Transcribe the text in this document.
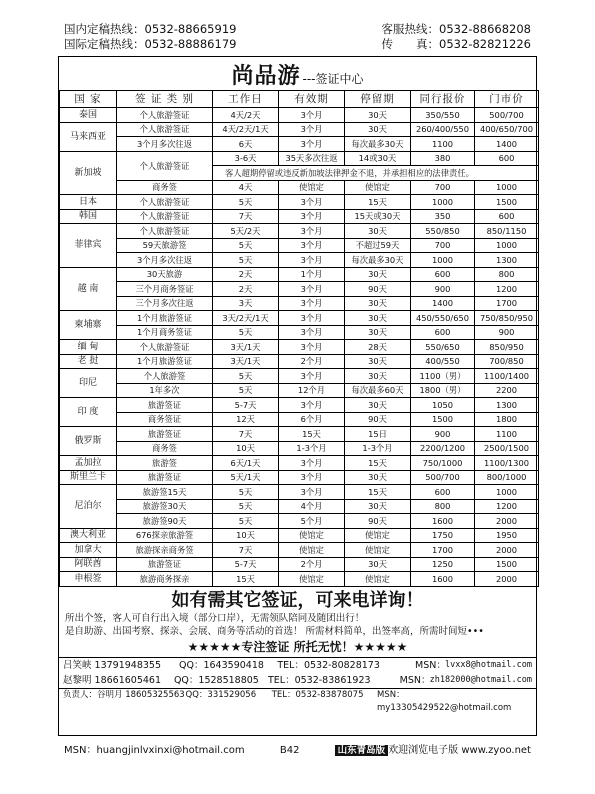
国内定稿热线：0532-88665919	客服热线：0532-88668208
国际定稿热线：0532-88886179	传　　真：0532-82821226
尚品游 ---签证中心
国 家	签 证 类 别	工作日	有效期	停留期	同行报价	门市价
泰国	个人旅游签证	4天/2天	3个月	30天	350/550	500/700
马来西亚	个人旅游签证	4天/2天/1天	3个月	30天	260/400/550	400/650/700
	3个月多次往返	6天	3个月	每次最多30天	1100	1400
新加坡	个人旅游签证	3-6天	35天多次往返	14或30天	380	600
		客人超期停留或违反新加坡法律押金不退，并承担相应的法律责任。				
	商务签	4天	使馆定	使馆定	700	1000
日本	个人旅游签证	5天	3个月	15天	1000	1500
韩国	个人旅游签证	7天	3个月	15天或30天	350	600
菲律宾	个人旅游签证	5天/2天	3个月	30天	550/850	850/1150
	59天旅游签	5天	3个月	不超过59天	700	1000
	3个月多次往返	5天	3个月	每次最多30天	1000	1300
越 南	30天旅游	2天	1个月	30天	600	800
	三个月商务签证	2天	3个月	90天	900	1200
	三个月多次往返	3天	3个月	30天	1400	1700
柬埔寨	1个月旅游签证	3天/2天/1天	3个月	30天	450/550/650	750/850/950
	1个月商务签证	5天	3个月	30天	600	900
缅 甸	个人旅游签证	3天/1天	3个月	28天	550/650	850/950
老 挝	1个月旅游签证	3天/1天	2个月	30天	400/550	700/850
印尼	个人旅游签	5天	3个月	30天	1100（男）	1100/1400
	1年多次	5天	12个月	每次最多60天	1800（男）	2200
印 度	旅游签证	5-7天	3个月	30天	1050	1300
	商务签证	12天	6个月	90天	1500	1800
俄罗斯	旅游签证	7天	15天	15日	900	1100
	商务签	10天	1-3个月	1-3个月	2200/1200	2500/1500
孟加拉	旅游签	6天/1天	3个月	15天	750/1000	1100/1300
斯里兰卡	旅游签证	5天/1天	3个月	30天	500/700	800/1000
尼泊尔	旅游签15天	5天	3个月	15天	600	1000
	旅游签30天	5天	4个月	30天	800	1200
	旅游签90天	5天	5个月	90天	1600	2000
澳大利亚	676探亲旅游签	10天	使馆定	使馆定	1750	1950
加拿大	旅游探亲商务签	7天	使馆定	使馆定	1700	2000
阿联酋	旅游签证	5-7天	2个月	30天	1250	1500
申根签	旅游商务探亲	15天	使馆定	使馆定	1600	2000
如有需其它签证，可来电详询！
所出个签，客人可自行出入境（部分口岸），无需领队陪同及随团出行！
是自助游、出国考察、探亲、会展、商务等活动的首选！ 所需材料简单，出签率高，所需时间短•••
★★★★★专注签证 所托无忧！★★★★★
吕笑峡 13791948355	QQ：1643590418	TEL：0532-80828173	MSN： lvxx8@hotmail.com
赵黎明 18661605461	QQ：1528518805 TEL：0532-83861923	MSN： zh182000@hotmail.com
负责人：谷明月 18605325563 QQ：331529056	TEL：0532-83878075	MSN：my13305429522@hotmail.com
MSN：huangjinlvxinxi@hotmail.com	B42	山东青岛版 欢迎浏览电子版 www.zyoo.net
